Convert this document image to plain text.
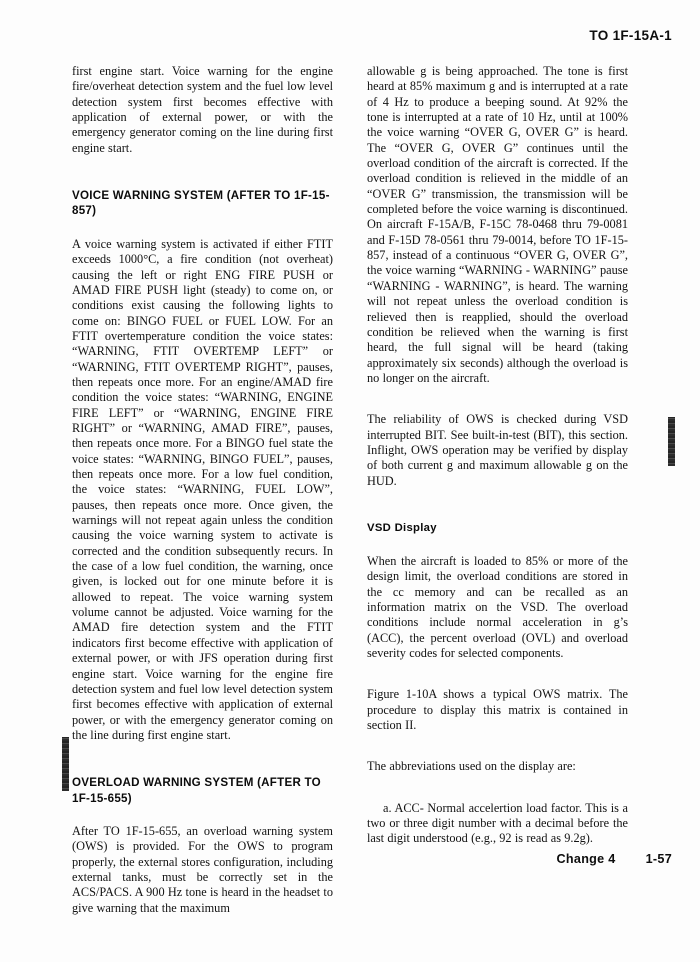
TO 1F-15A-1

first engine start. Voice warning for the engine fire/overheat detection system and the fuel low level detection system first becomes effective with application of external power, or with the emergency generator coming on the line during first engine start.

VOICE WARNING SYSTEM (AFTER TO 1F-15-857)

A voice warning system is activated if either FTIT exceeds 1000°C, a fire condition (not overheat) causing the left or right ENG FIRE PUSH or AMAD FIRE PUSH light (steady) to come on, or conditions exist causing the following lights to come on: BINGO FUEL or FUEL LOW. For an FTIT overtemperature condition the voice states: “WARNING, FTIT OVERTEMP LEFT” or “WARNING, FTIT OVERTEMP RIGHT”, pauses, then repeats once more. For an engine/AMAD fire condition the voice states: “WARNING, ENGINE FIRE LEFT” or “WARNING, ENGINE FIRE RIGHT” or “WARNING, AMAD FIRE”, pauses, then repeats once more. For a BINGO fuel state the voice states: “WARNING, BINGO FUEL”, pauses, then repeats once more. For a low fuel condition, the voice states: “WARNING, FUEL LOW”, pauses, then repeats once more. Once given, the warnings will not repeat again unless the condition causing the voice warning system to activate is corrected and the condition subsequently recurs. In the case of a low fuel condition, the warning, once given, is locked out for one minute before it is allowed to repeat. The voice warning system volume cannot be adjusted. Voice warning for the AMAD fire detection system and the FTIT indicators first become effective with application of external power, or with JFS operation during first engine start. Voice warning for the engine fire detection system and fuel low level detection system first becomes effective with application of external power, or with the emergency generator coming on the line during first engine start.

OVERLOAD WARNING SYSTEM (AFTER TO 1F-15-655)

After TO 1F-15-655, an overload warning system (OWS) is provided. For the OWS to program properly, the external stores configuration, including external tanks, must be correctly set in the ACS/PACS. A 900 Hz tone is heard in the headset to give warning that the maximum

allowable g is being approached. The tone is first heard at 85% maximum g and is interrupted at a rate of 4 Hz to produce a beeping sound. At 92% the tone is interrupted at a rate of 10 Hz, until at 100% the voice warning “OVER G, OVER G” is heard. The “OVER G, OVER G” continues until the overload condition of the aircraft is corrected. If the overload condition is relieved in the middle of an “OVER G” transmission, the transmission will be completed before the voice warning is discontinued. On aircraft F-15A/B, F-15C 78-0468 thru 79-0081 and F-15D 78-0561 thru 79-0014, before TO 1F-15-857, instead of a continuous “OVER G, OVER G”, the voice warning “WARNING - WARNING” pause “WARNING - WARNING”, is heard. The warning will not repeat unless the overload condition is relieved then is reapplied, should the overload condition be relieved when the warning is first heard, the full signal will be heard (taking approximately six seconds) although the overload is no longer on the aircraft.

The reliability of OWS is checked during VSD interrupted BIT. See built-in-test (BIT), this section. Inflight, OWS operation may be verified by display of both current g and maximum allowable g on the HUD.

VSD Display

When the aircraft is loaded to 85% or more of the design limit, the overload conditions are stored in the cc memory and can be recalled as an information matrix on the VSD. The overload conditions include normal acceleration in g’s (ACC), the percent overload (OVL) and overload severity codes for selected components.

Figure 1-10A shows a typical OWS matrix. The procedure to display this matrix is contained in section II.

The abbreviations used on the display are:

a. ACC- Normal accelertion load factor. This is a two or three digit number with a decimal before the last digit understood (e.g., 92 is read as 9.2g).

Change 4 1-57
